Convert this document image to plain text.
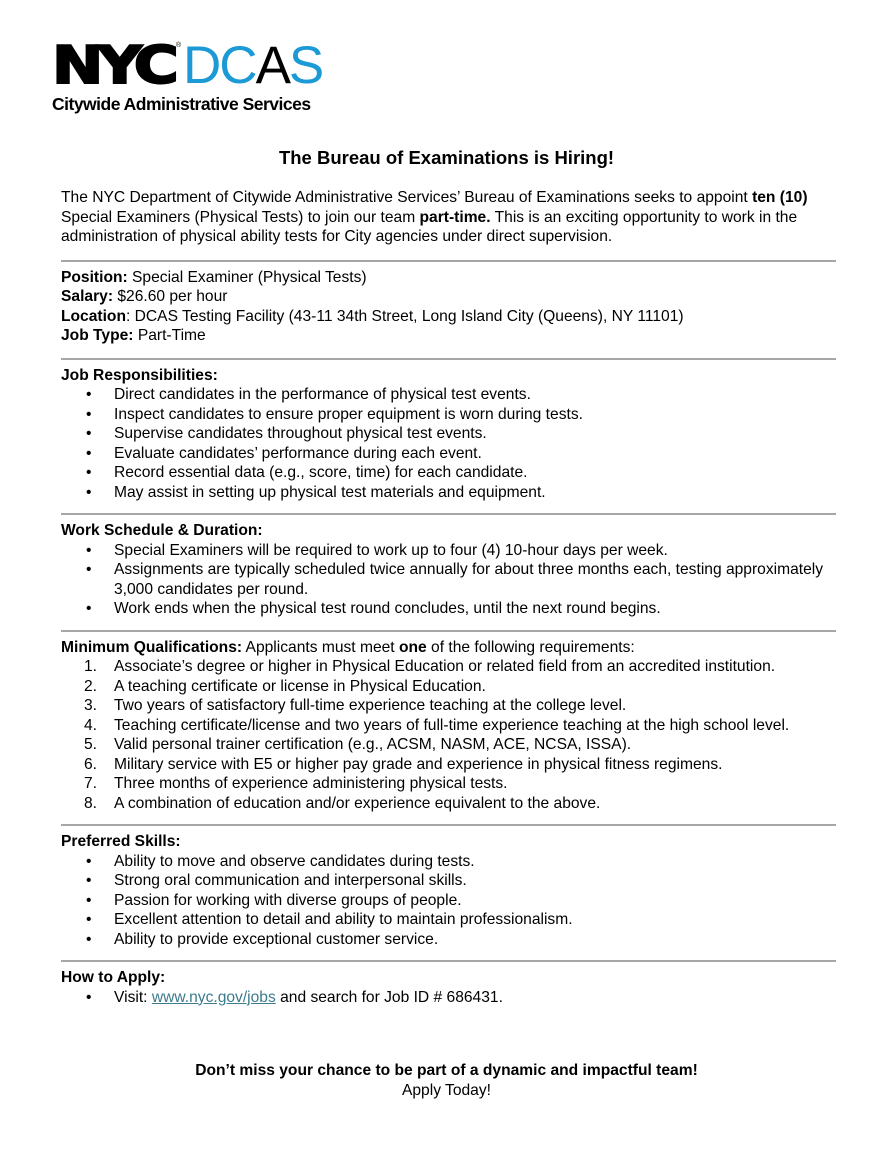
NYC ® DCAS
Citywide Administrative Services
The Bureau of Examinations is Hiring!

The NYC Department of Citywide Administrative Services’ Bureau of Examinations seeks to appoint ten (10) Special Examiners (Physical Tests) to join our team part-time. This is an exciting opportunity to work in the administration of physical ability tests for City agencies under direct supervision.

Position: Special Examiner (Physical Tests)
Salary: $26.60 per hour
Location: DCAS Testing Facility (43-11 34th Street, Long Island City (Queens), NY 11101)
Job Type: Part-Time
Job Responsibilities:
• Direct candidates in the performance of physical test events.
• Inspect candidates to ensure proper equipment is worn during tests.
• Supervise candidates throughout physical test events.
• Evaluate candidates’ performance during each event.
• Record essential data (e.g., score, time) for each candidate.
• May assist in setting up physical test materials and equipment.
Work Schedule & Duration:
• Special Examiners will be required to work up to four (4) 10-hour days per week.
• Assignments are typically scheduled twice annually for about three months each, testing approximately 3,000 candidates per round.
• Work ends when the physical test round concludes, until the next round begins.
Minimum Qualifications: Applicants must meet one of the following requirements:
1. Associate’s degree or higher in Physical Education or related field from an accredited institution.
2. A teaching certificate or license in Physical Education.
3. Two years of satisfactory full-time experience teaching at the college level.
4. Teaching certificate/license and two years of full-time experience teaching at the high school level.
5. Valid personal trainer certification (e.g., ACSM, NASM, ACE, NCSA, ISSA).
6. Military service with E5 or higher pay grade and experience in physical fitness regimens.
7. Three months of experience administering physical tests.
8. A combination of education and/or experience equivalent to the above.
Preferred Skills:
• Ability to move and observe candidates during tests.
• Strong oral communication and interpersonal skills.
• Passion for working with diverse groups of people.
• Excellent attention to detail and ability to maintain professionalism.
• Ability to provide exceptional customer service.
How to Apply:
• Visit: www.nyc.gov/jobs and search for Job ID # 686431.
Don’t miss your chance to be part of a dynamic and impactful team!
Apply Today!
